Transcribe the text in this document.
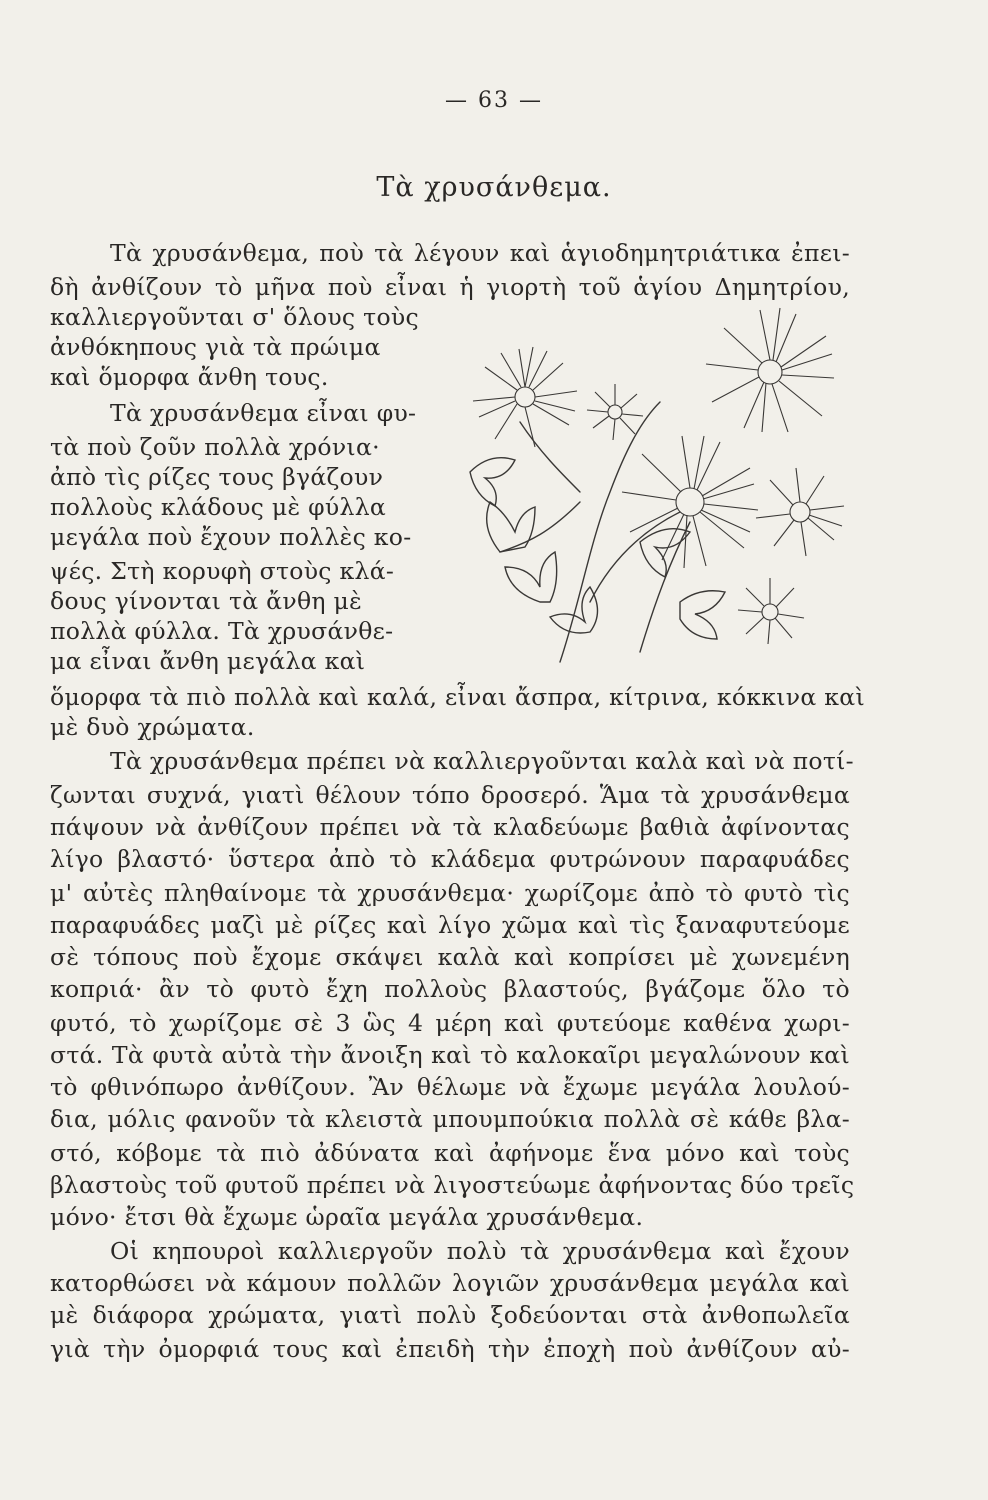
— 63 —
Τὰ χρυσάνθεμα.
Τὰ χρυσάνθεμα, ποὺ τὰ λέγουν καὶ ἁγιοδημητριάτικα ἐπει-
δὴ ἀνθίζουν τὸ μῆνα ποὺ εἶναι ἡ γιορτὴ τοῦ ἁγίου Δημητρίου,
καλλιεργοῦνται σ' ὅλους τοὺς
ἀνθόκηπους γιὰ τὰ πρώιμα
καὶ ὅμορφα ἄνθη τους.
Τὰ χρυσάνθεμα εἶναι φυ-
τὰ ποὺ ζοῦν πολλὰ χρόνια·
ἀπὸ τὶς ρίζες τους βγάζουν
πολλοὺς κλάδους μὲ φύλλα
μεγάλα ποὺ ἔχουν πολλὲς κο-
ψές. Στὴ κορυφὴ στοὺς κλά-
δους γίνονται τὰ ἄνθη μὲ
πολλὰ φύλλα. Τὰ χρυσάνθε-
μα εἶναι ἄνθη μεγάλα καὶ
ὅμορφα τὰ πιὸ πολλὰ καὶ καλά, εἶναι ἄσπρα, κίτρινα, κόκκινα καὶ
μὲ δυὸ χρώματα.
Τὰ χρυσάνθεμα πρέπει νὰ καλλιεργοῦνται καλὰ καὶ νὰ ποτί-
ζωνται συχνά, γιατὶ θέλουν τόπο δροσερό. Ἅμα τὰ χρυσάνθεμα
πάψουν νὰ ἀνθίζουν πρέπει νὰ τὰ κλαδεύωμε βαθιὰ ἀφίνοντας
λίγο βλαστό· ὕστερα ἀπὸ τὸ κλάδεμα φυτρώνουν παραφυάδες
μ' αὐτὲς πληθαίνομε τὰ χρυσάνθεμα· χωρίζομε ἀπὸ τὸ φυτὸ τὶς
παραφυάδες μαζὶ μὲ ρίζες καὶ λίγο χῶμα καὶ τὶς ξαναφυτεύομε
σὲ τόπους ποὺ ἔχομε σκάψει καλὰ καὶ κοπρίσει μὲ χωνεμένη
κοπριά· ἂν τὸ φυτὸ ἔχη πολλοὺς βλαστούς, βγάζομε ὅλο τὸ
φυτό, τὸ χωρίζομε σὲ 3 ὣς 4 μέρη καὶ φυτεύομε καθένα χωρι-
στά. Τὰ φυτὰ αὐτὰ τὴν ἄνοιξη καὶ τὸ καλοκαῖρι μεγαλώνουν καὶ
τὸ φθινόπωρο ἀνθίζουν. Ἂν θέλωμε νὰ ἔχωμε μεγάλα λουλού-
δια, μόλις φανοῦν τὰ κλειστὰ μπουμπούκια πολλὰ σὲ κάθε βλα-
στό, κόβομε τὰ πιὸ ἀδύνατα καὶ ἀφήνομε ἕνα μόνο καὶ τοὺς
βλαστοὺς τοῦ φυτοῦ πρέπει νὰ λιγοστεύωμε ἀφήνοντας δύο τρεῖς
μόνο· ἔτσι θὰ ἔχωμε ὡραῖα μεγάλα χρυσάνθεμα.
Οἱ κηπουροὶ καλλιεργοῦν πολὺ τὰ χρυσάνθεμα καὶ ἔχουν
κατορθώσει νὰ κάμουν πολλῶν λογιῶν χρυσάνθεμα μεγάλα καὶ
μὲ διάφορα χρώματα, γιατὶ πολὺ ξοδεύονται στὰ ἀνθοπωλεῖα
γιὰ τὴν ὀμορφιά τους καὶ ἐπειδὴ τὴν ἐποχὴ ποὺ ἀνθίζουν αὐ-
